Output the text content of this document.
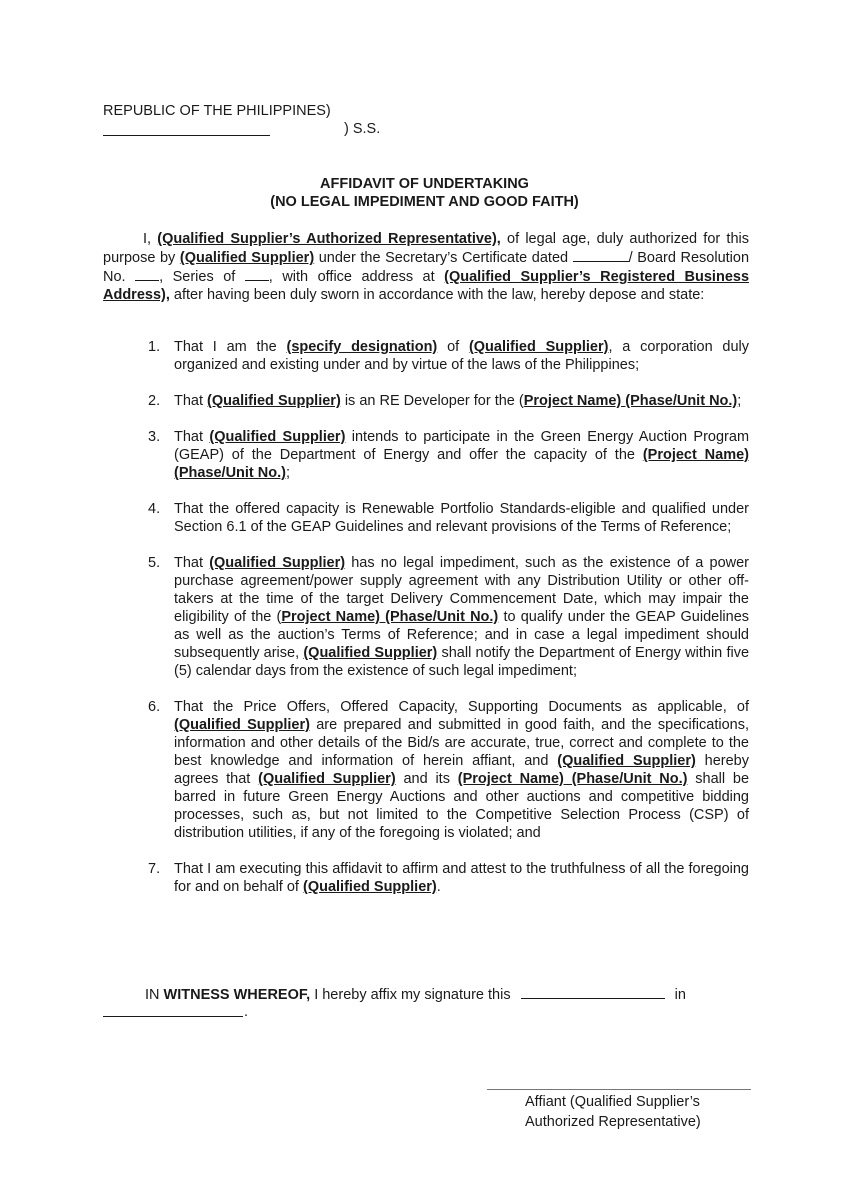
REPUBLIC OF THE PHILIPPINES)
) S.S.
AFFIDAVIT OF UNDERTAKING
(NO LEGAL IMPEDIMENT AND GOOD FAITH)
I, (Qualified Supplier’s Authorized Representative), of legal age, duly authorized for this purpose by (Qualified Supplier) under the Secretary’s Certificate dated	/ Board Resolution No. , Series of , with office address at (Qualified Supplier’s Registered Business Address), after having been duly sworn in accordance with the law, hereby depose and state:
1. That I am the (specify designation) of (Qualified Supplier), a corporation duly organized and existing under and by virtue of the laws of the Philippines;
2. That (Qualified Supplier) is an RE Developer for the (Project Name) (Phase/Unit No.);
3. That (Qualified Supplier) intends to participate in the Green Energy Auction Program (GEAP) of the Department of Energy and offer the capacity of the (Project Name) (Phase/Unit No.);
4. That the offered capacity is Renewable Portfolio Standards-eligible and qualified under Section 6.1 of the GEAP Guidelines and relevant provisions of the Terms of Reference;
5. That (Qualified Supplier) has no legal impediment, such as the existence of a power purchase agreement/power supply agreement with any Distribution Utility or other off-takers at the time of the target Delivery Commencement Date, which may impair the eligibility of the (Project Name) (Phase/Unit No.) to qualify under the GEAP Guidelines as well as the auction’s Terms of Reference; and in case a legal impediment should subsequently arise, (Qualified Supplier) shall notify the Department of Energy within five (5) calendar days from the existence of such legal impediment;
6. That the Price Offers, Offered Capacity, Supporting Documents as applicable, of (Qualified Supplier) are prepared and submitted in good faith, and the specifications, information and other details of the Bid/s are accurate, true, correct and complete to the best knowledge and information of herein affiant, and (Qualified Supplier) hereby agrees that (Qualified Supplier) and its (Project Name) (Phase/Unit No.) shall be barred in future Green Energy Auctions and other auctions and competitive bidding processes, such as, but not limited to the Competitive Selection Process (CSP) of distribution utilities, if any of the foregoing is violated; and
7. That I am executing this affidavit to affirm and attest to the truthfulness of all the foregoing for and on behalf of (Qualified Supplier).
IN WITNESS WHEREOF, I hereby affix my signature this	in
.
Affiant (Qualified Supplier’s
Authorized Representative)
